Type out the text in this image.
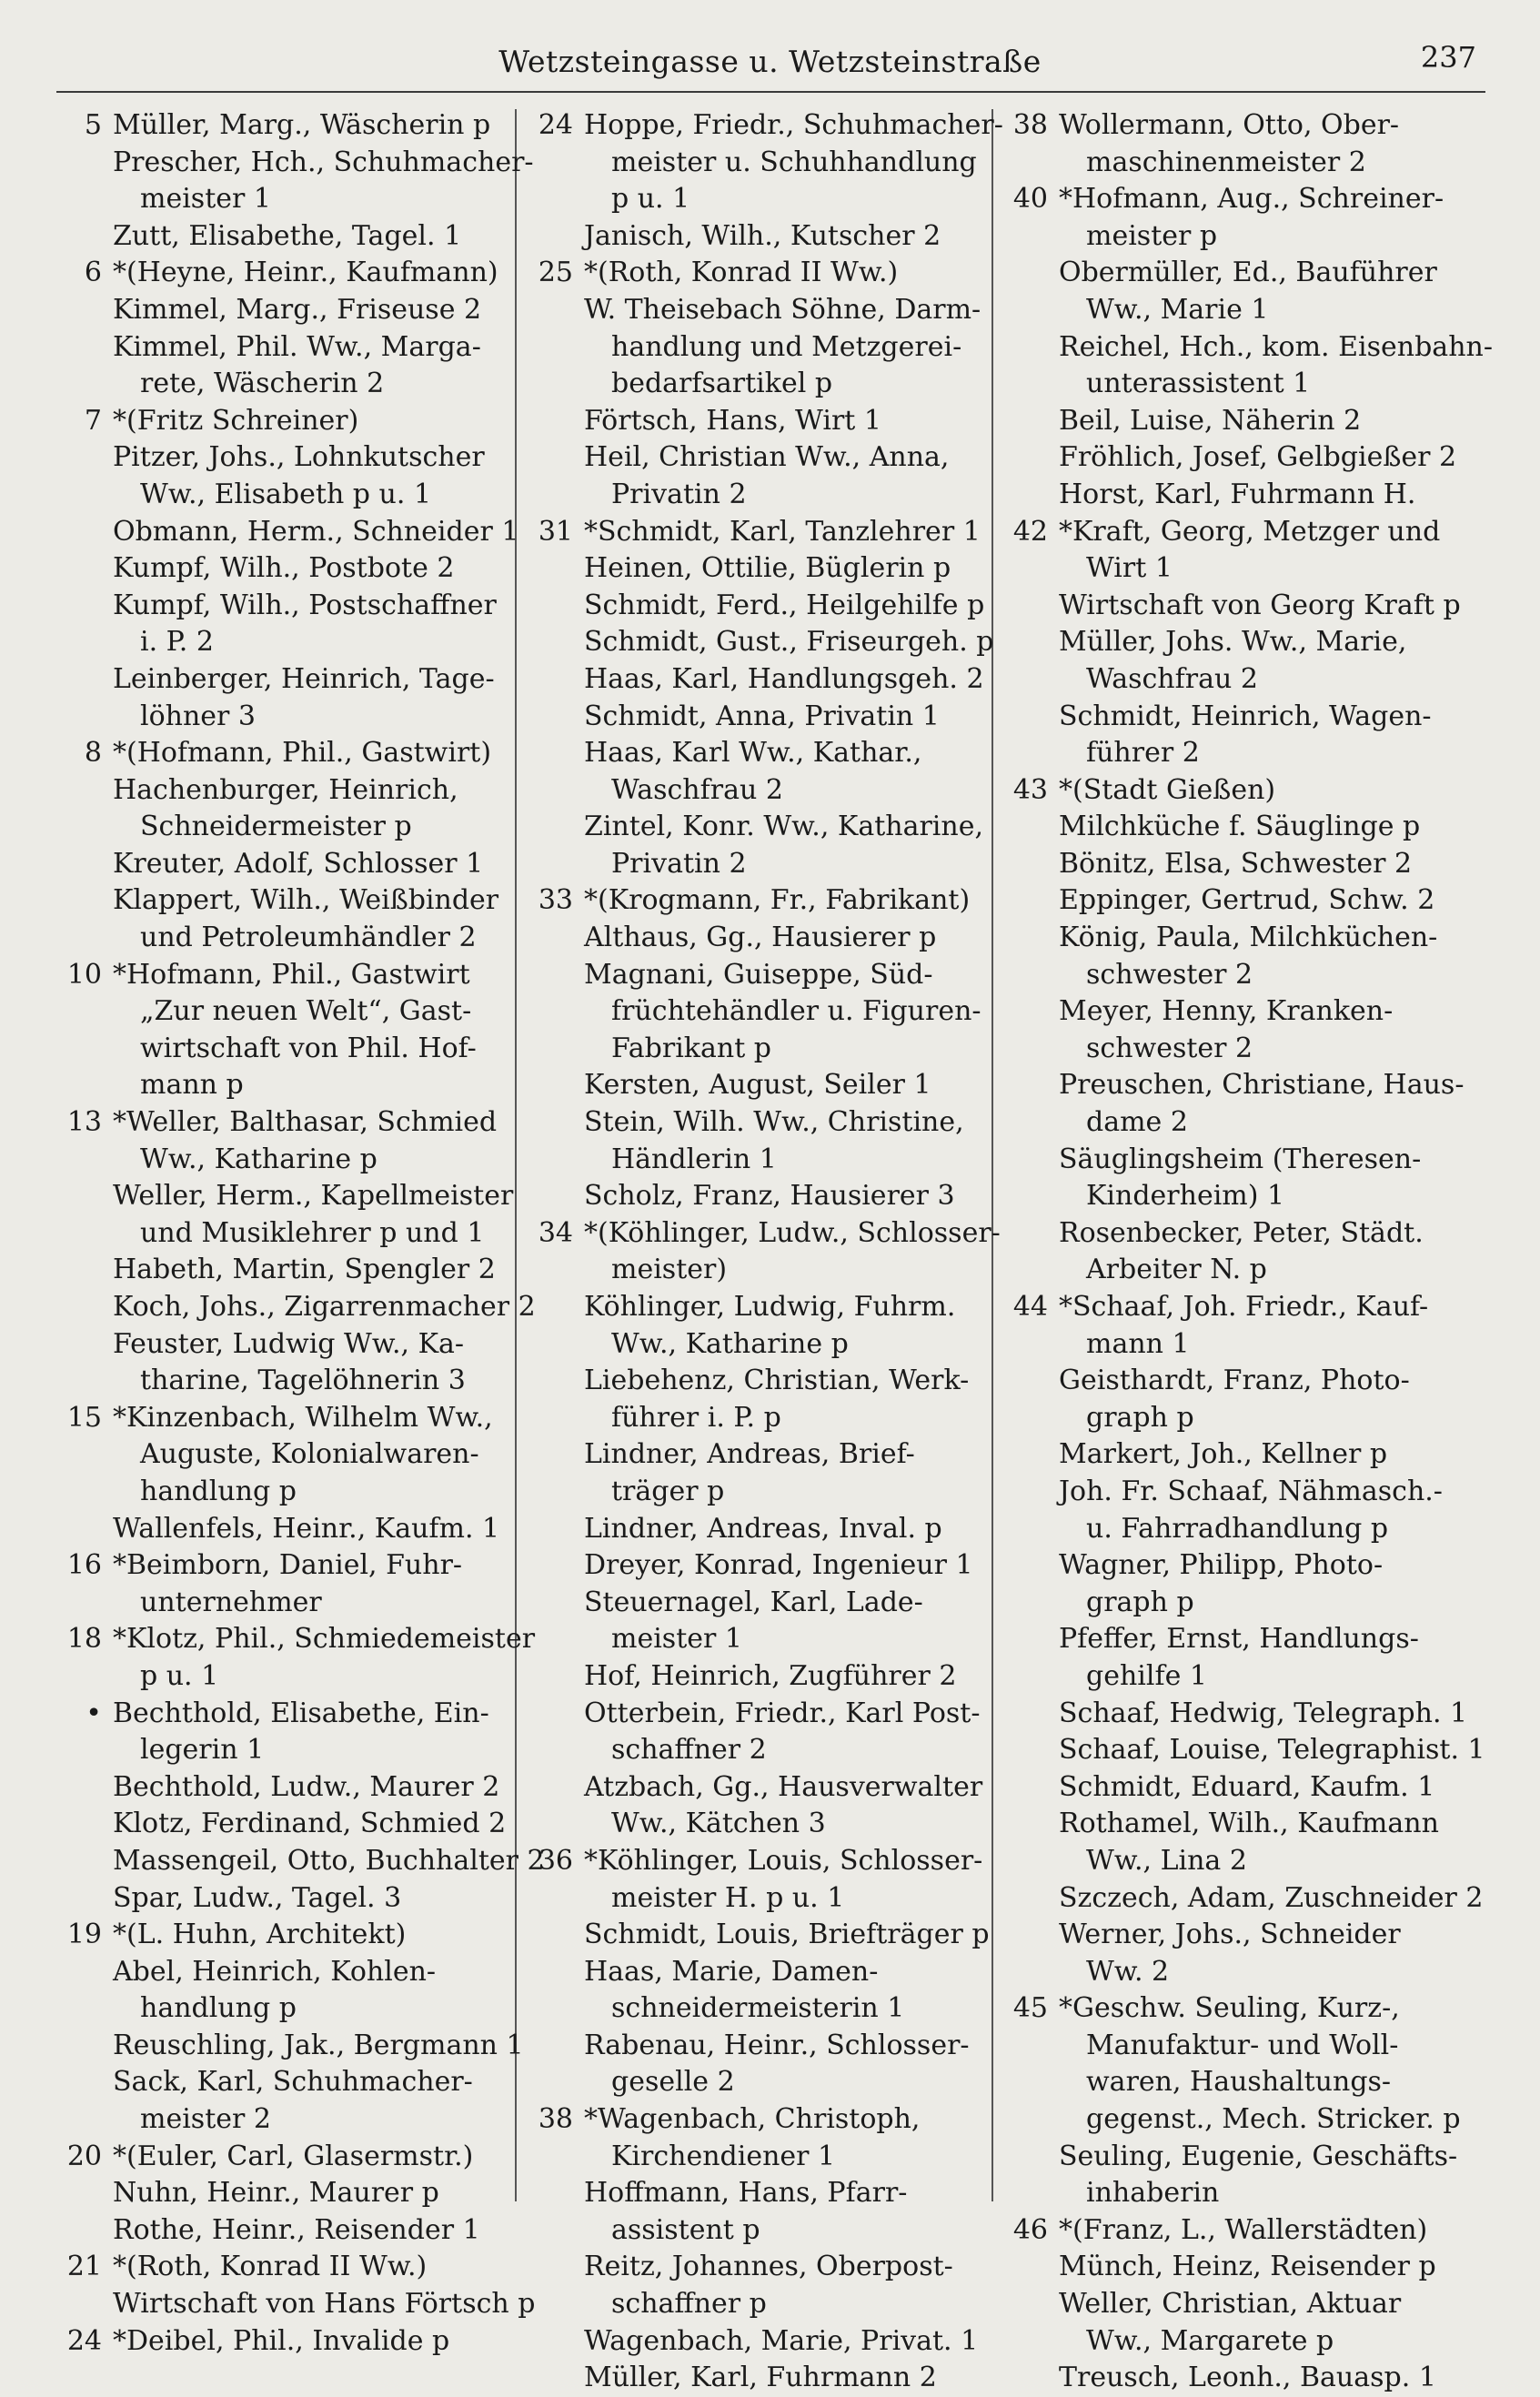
Wetzsteingasse u. Wetzsteinstraße	237
5 Müller, Marg., Wäscherin p
Prescher, Hch., Schuhmacher-
meister 1
Zutt, Elisabethe, Tagel. 1
6 *(Heyne, Heinr., Kaufmann)
Kimmel, Marg., Friseuse 2
Kimmel, Phil. Ww., Marga-
rete, Wäscherin 2
7 *(Fritz Schreiner)
Pitzer, Johs., Lohnkutscher
Ww., Elisabeth p u. 1
Obmann, Herm., Schneider 1
Kumpf, Wilh., Postbote 2
Kumpf, Wilh., Postschaffner
i. P. 2
Leinberger, Heinrich, Tage-
löhner 3
8 *(Hofmann, Phil., Gastwirt)
Hachenburger, Heinrich,
Schneidermeister p
Kreuter, Adolf, Schlosser 1
Klappert, Wilh., Weißbinder
und Petroleumhändler 2
10 *Hofmann, Phil., Gastwirt
„Zur neuen Welt“, Gast-
wirtschaft von Phil. Hof-
mann p
13 *Weller, Balthasar, Schmied
Ww., Katharine p
Weller, Herm., Kapellmeister
und Musiklehrer p und 1
Habeth, Martin, Spengler 2
Koch, Johs., Zigarrenmacher 2
Feuster, Ludwig Ww., Ka-
tharine, Tagelöhnerin 3
15 *Kinzenbach, Wilhelm Ww.,
Auguste, Kolonialwaren-
handlung p
Wallenfels, Heinr., Kaufm. 1
16 *Beimborn, Daniel, Fuhr-
unternehmer
18 *Klotz, Phil., Schmiedemeister
p u. 1
• Bechthold, Elisabethe, Ein-
legerin 1
Bechthold, Ludw., Maurer 2
Klotz, Ferdinand, Schmied 2
Massengeil, Otto, Buchhalter 2
Spar, Ludw., Tagel. 3
19 *(L. Huhn, Architekt)
Abel, Heinrich, Kohlen-
handlung p
Reuschling, Jak., Bergmann 1
Sack, Karl, Schuhmacher-
meister 2
20 *(Euler, Carl, Glasermstr.)
Nuhn, Heinr., Maurer p
Rothe, Heinr., Reisender 1
21 *(Roth, Konrad II Ww.)
Wirtschaft von Hans Förtsch p
24 *Deibel, Phil., Invalide p
24 Hoppe, Friedr., Schuhmacher-
meister u. Schuhhandlung
p u. 1
Janisch, Wilh., Kutscher 2
25 *(Roth, Konrad II Ww.)
W. Theisebach Söhne, Darm-
handlung und Metzgerei-
bedarfsartikel p
Förtsch, Hans, Wirt 1
Heil, Christian Ww., Anna,
Privatin 2
31 *Schmidt, Karl, Tanzlehrer 1
Heinen, Ottilie, Büglerin p
Schmidt, Ferd., Heilgehilfe p
Schmidt, Gust., Friseurgeh. p
Haas, Karl, Handlungsgeh. 2
Schmidt, Anna, Privatin 1
Haas, Karl Ww., Kathar.,
Waschfrau 2
Zintel, Konr. Ww., Katharine,
Privatin 2
33 *(Krogmann, Fr., Fabrikant)
Althaus, Gg., Hausierer p
Magnani, Guiseppe, Süd-
früchtehändler u. Figuren-
Fabrikant p
Kersten, August, Seiler 1
Stein, Wilh. Ww., Christine,
Händlerin 1
Scholz, Franz, Hausierer 3
34 *(Köhlinger, Ludw., Schlosser-
meister)
Köhlinger, Ludwig, Fuhrm.
Ww., Katharine p
Liebehenz, Christian, Werk-
führer i. P. p
Lindner, Andreas, Brief-
träger p
Lindner, Andreas, Inval. p
Dreyer, Konrad, Ingenieur 1
Steuernagel, Karl, Lade-
meister 1
Hof, Heinrich, Zugführer 2
Otterbein, Friedr., Karl Post-
schaffner 2
Atzbach, Gg., Hausverwalter
Ww., Kätchen 3
36 *Köhlinger, Louis, Schlosser-
meister H. p u. 1
Schmidt, Louis, Briefträger p
Haas, Marie, Damen-
schneidermeisterin 1
Rabenau, Heinr., Schlosser-
geselle 2
38 *Wagenbach, Christoph,
Kirchendiener 1
Hoffmann, Hans, Pfarr-
assistent p
Reitz, Johannes, Oberpost-
schaffner p
Wagenbach, Marie, Privat. 1
Müller, Karl, Fuhrmann 2
38 Wollermann, Otto, Ober-
maschinenmeister 2
40 *Hofmann, Aug., Schreiner-
meister p
Obermüller, Ed., Bauführer
Ww., Marie 1
Reichel, Hch., kom. Eisenbahn-
unterassistent 1
Beil, Luise, Näherin 2
Fröhlich, Josef, Gelbgießer 2
Horst, Karl, Fuhrmann H.
42 *Kraft, Georg, Metzger und
Wirt 1
Wirtschaft von Georg Kraft p
Müller, Johs. Ww., Marie,
Waschfrau 2
Schmidt, Heinrich, Wagen-
führer 2
43 *(Stadt Gießen)
Milchküche f. Säuglinge p
Bönitz, Elsa, Schwester 2
Eppinger, Gertrud, Schw. 2
König, Paula, Milchküchen-
schwester 2
Meyer, Henny, Kranken-
schwester 2
Preuschen, Christiane, Haus-
dame 2
Säuglingsheim (Theresen-
Kinderheim) 1
Rosenbecker, Peter, Städt.
Arbeiter N. p
44 *Schaaf, Joh. Friedr., Kauf-
mann 1
Geisthardt, Franz, Photo-
graph p
Markert, Joh., Kellner p
Joh. Fr. Schaaf, Nähmasch.-
u. Fahrradhandlung p
Wagner, Philipp, Photo-
graph p
Pfeffer, Ernst, Handlungs-
gehilfe 1
Schaaf, Hedwig, Telegraph. 1
Schaaf, Louise, Telegraphist. 1
Schmidt, Eduard, Kaufm. 1
Rothamel, Wilh., Kaufmann
Ww., Lina 2
Szczech, Adam, Zuschneider 2
Werner, Johs., Schneider
Ww. 2
45 *Geschw. Seuling, Kurz-,
Manufaktur- und Woll-
waren, Haushaltungs-
gegenst., Mech. Stricker. p
Seuling, Eugenie, Geschäfts-
inhaberin
46 *(Franz, L., Wallerstädten)
Münch, Heinz, Reisender p
Weller, Christian, Aktuar
Ww., Margarete p
Treusch, Leonh., Bauasp. 1
